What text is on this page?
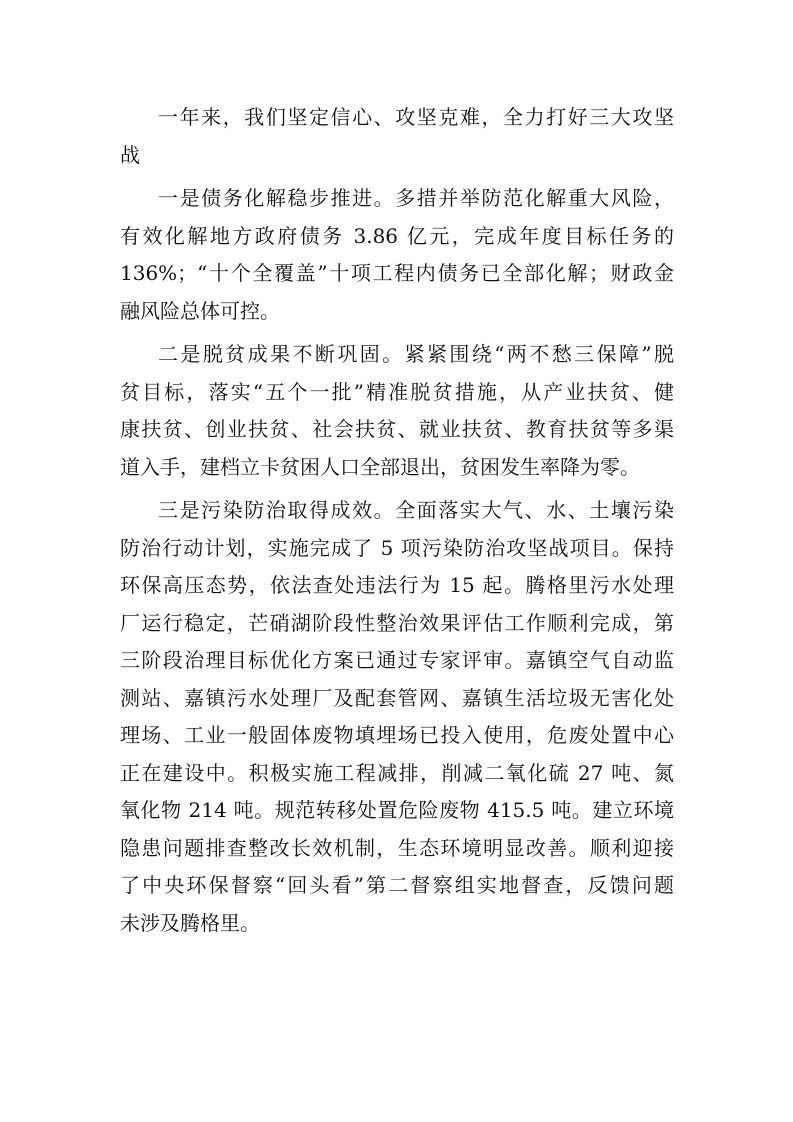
一年来，我们坚定信心、攻坚克难，全力打好三大攻坚
战
一是债务化解稳步推进。多措并举防范化解重大风险，
有效化解地方政府债务 3.86 亿元，完成年度目标任务的
136%；“十个全覆盖”十项工程内债务已全部化解；财政金
融风险总体可控。
二是脱贫成果不断巩固。紧紧围绕“两不愁三保障”脱
贫目标，落实“五个一批”精准脱贫措施，从产业扶贫、健
康扶贫、创业扶贫、社会扶贫、就业扶贫、教育扶贫等多渠
道入手，建档立卡贫困人口全部退出，贫困发生率降为零。
三是污染防治取得成效。全面落实大气、水、土壤污染
防治行动计划，实施完成了 5 项污染防治攻坚战项目。保持
环保高压态势，依法查处违法行为 15 起。腾格里污水处理
厂运行稳定，芒硝湖阶段性整治效果评估工作顺利完成，第
三阶段治理目标优化方案已通过专家评审。嘉镇空气自动监
测站、嘉镇污水处理厂及配套管网、嘉镇生活垃圾无害化处
理场、工业一般固体废物填埋场已投入使用，危废处置中心
正在建设中。积极实施工程减排，削减二氧化硫 27 吨、氮
氧化物 214 吨。规范转移处置危险废物 415.5 吨。建立环境
隐患问题排查整改长效机制，生态环境明显改善。顺利迎接
了中央环保督察“回头看”第二督察组实地督查，反馈问题
未涉及腾格里。
